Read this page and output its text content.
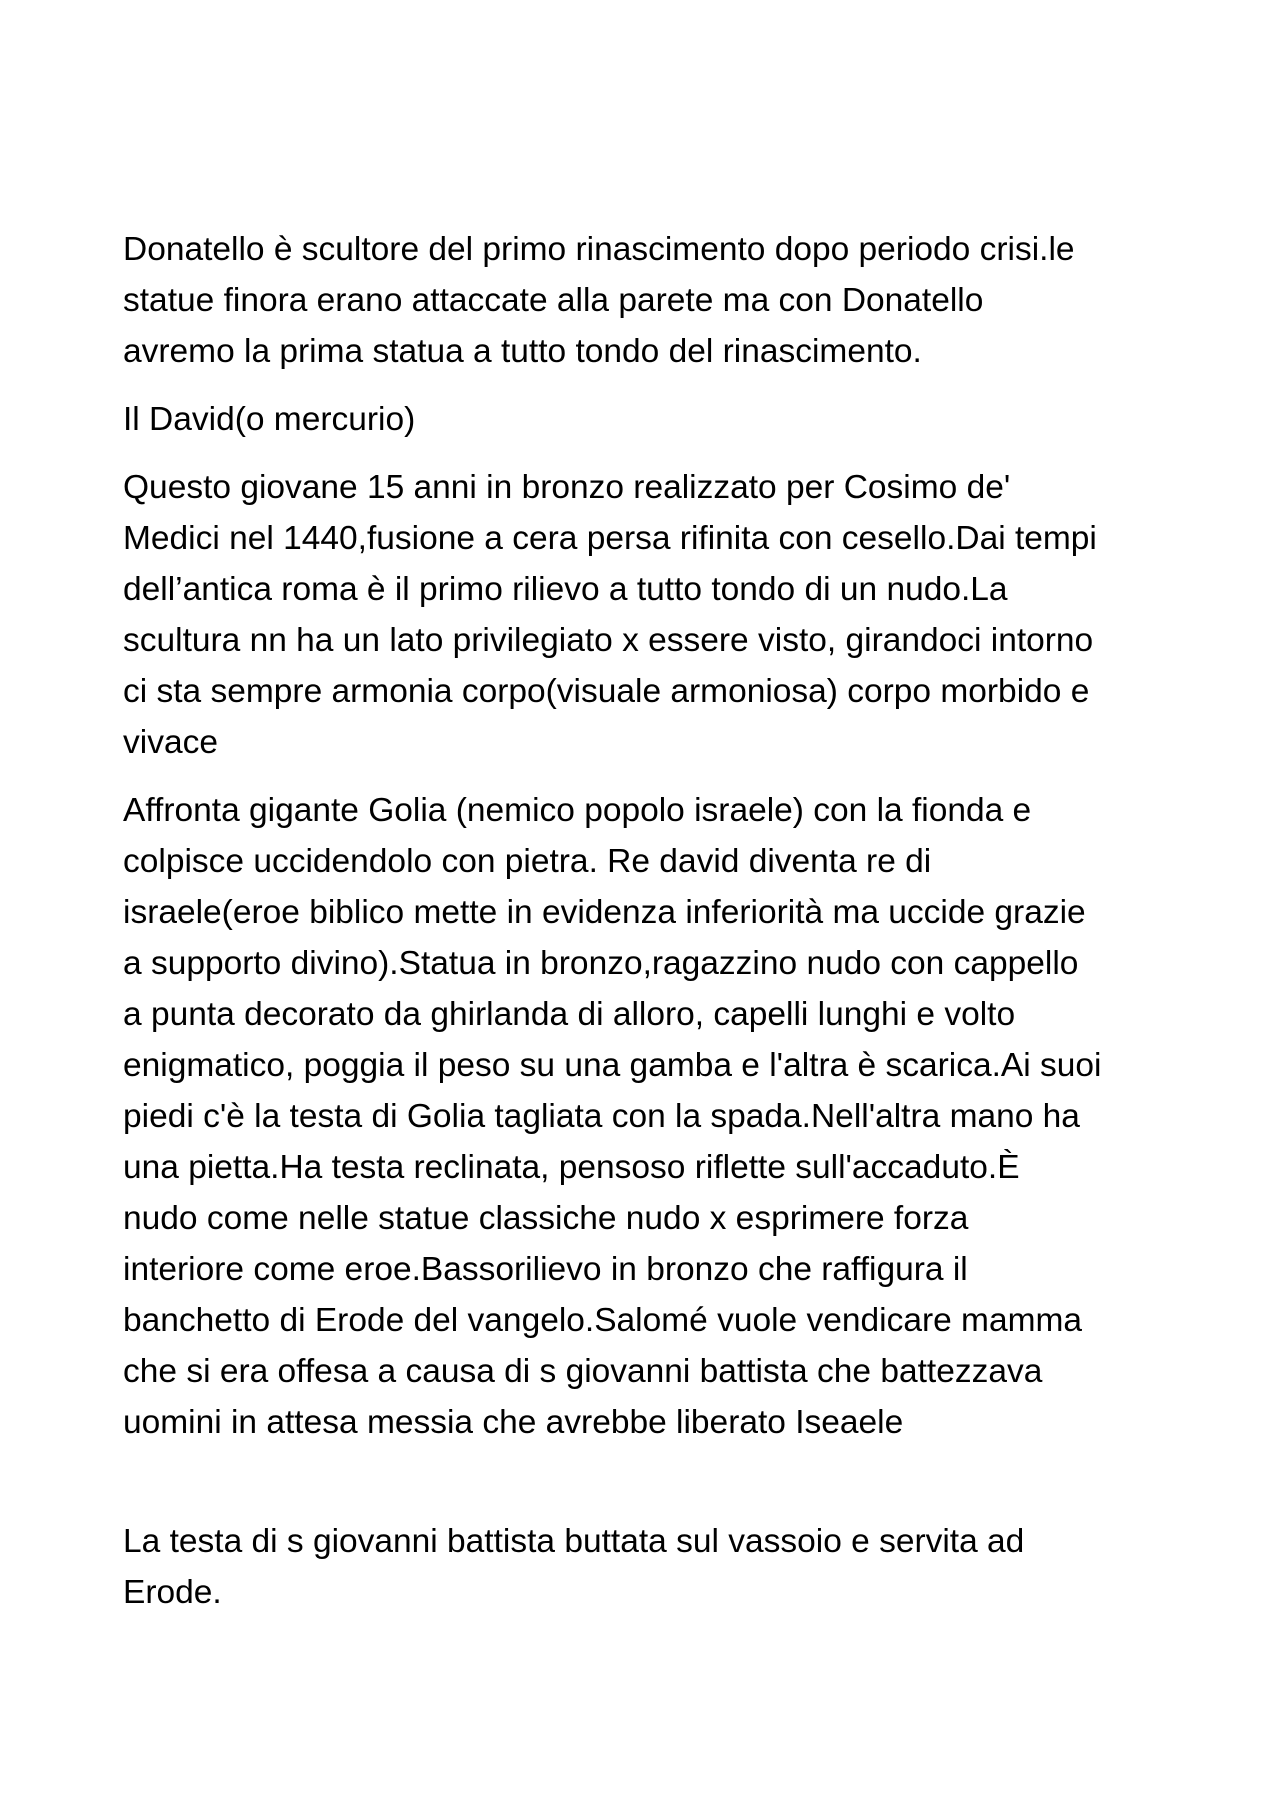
Donatello è scultore del primo rinascimento dopo periodo crisi.le
statue finora erano attaccate alla parete ma con Donatello
avremo la prima statua a tutto tondo del rinascimento.

Il David(o mercurio)

Questo giovane 15 anni in bronzo realizzato per Cosimo de'
Medici nel 1440,fusione a cera persa rifinita con cesello.Dai tempi
dell’antica roma è il primo rilievo a tutto tondo di un nudo.La
scultura nn ha un lato privilegiato x essere visto, girandoci intorno
ci sta sempre armonia corpo(visuale armoniosa) corpo morbido e
vivace

Affronta gigante Golia (nemico popolo israele) con la fionda e
colpisce uccidendolo con pietra. Re david diventa re di
israele(eroe biblico mette in evidenza inferiorità ma uccide grazie
a supporto divino).Statua in bronzo,ragazzino nudo con cappello
a punta decorato da ghirlanda di alloro, capelli lunghi e volto
enigmatico, poggia il peso su una gamba e l'altra è scarica.Ai suoi
piedi c'è la testa di Golia tagliata con la spada.Nell'altra mano ha
una pietta.Ha testa reclinata, pensoso riflette sull'accaduto.È
nudo come nelle statue classiche nudo x esprimere forza
interiore come eroe.Bassorilievo in bronzo che raffigura il
banchetto di Erode del vangelo.Salomé vuole vendicare mamma
che si era offesa a causa di s giovanni battista che battezzava
uomini in attesa messia che avrebbe liberato Iseaele

La testa di s giovanni battista buttata sul vassoio e servita ad
Erode.
